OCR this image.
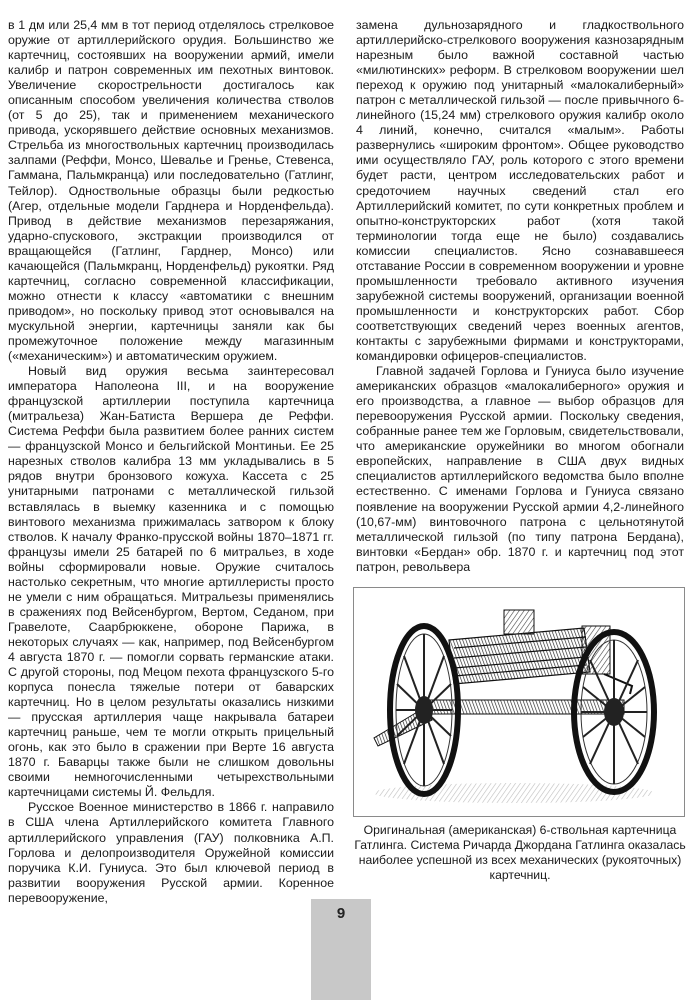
в 1 дм или 25,4 мм в тот период отделялось стрелковое оружие от артиллерийского орудия. Большинство же картечниц, состоявших на вооружении армий, имели калибр и патрон современных им пехотных винтовок. Увеличение скорострельности достигалось как описанным способом увеличения количества стволов (от 5 до 25), так и применением механического привода, ускорявшего действие основных механизмов. Стрельба из многоствольных картечниц производилась залпами (Реффи, Монсо, Шевалье и Гренье, Стевенса, Гаммана, Пальмкранца) или последовательно (Гатлинг, Тейлор). Одноствольные образцы были редкостью (Агер, отдельные модели Гарднера и Норденфельда). Привод в действие механизмов перезаряжания, ударно-спускового, экстракции производился от вращающейся (Гатлинг, Гарднер, Монсо) или качающейся (Пальмкранц, Норденфельд) рукоятки. Ряд картечниц, согласно современной классификации, можно отнести к классу «автоматики с внешним приводом», но поскольку привод этот основывался на мускульной энергии, картечницы заняли как бы промежуточное положение между магазинным («механическим») и автоматическим оружием.

Новый вид оружия весьма заинтересовал императора Наполеона III, и на вооружение французской артиллерии поступила картечница (митральеза) Жан-Батиста Вершера де Реффи. Система Реффи была развитием более ранних систем — французской Монсо и бельгийской Монтиньи. Ее 25 нарезных стволов калибра 13 мм укладывались в 5 рядов внутри бронзового кожуха. Кассета с 25 унитарными патронами с металлической гильзой вставлялась в выемку казенника и с помощью винтового механизма прижималась затвором к блоку стволов. К началу Франко-прусской войны 1870–1871 гг. французы имели 25 батарей по 6 митральез, в ходе войны сформировали новые. Оружие считалось настолько секретным, что многие артиллеристы просто не умели с ним обращаться. Митральезы применялись в сражениях под Вейсенбургом, Вертом, Седаном, при Гравелоте, Саарбрюккене, обороне Парижа, в некоторых случаях — как, например, под Вейсенбургом 4 августа 1870 г. — помогли сорвать германские атаки. С другой стороны, под Мецом пехота французского 5-го корпуса понесла тяжелые потери от баварских картечниц. Но в целом результаты оказались низкими — прусская артиллерия чаще накрывала батареи картечниц раньше, чем те могли открыть прицельный огонь, как это было в сражении при Верте 16 августа 1870 г. Баварцы также были не слишком довольны своими немногочисленными четырехствольными картечницами системы Й. Фельдля.

Русское Военное министерство в 1866 г. направило в США члена Артиллерийского комитета Главного артиллерийского управления (ГАУ) полковника А.П. Горлова и делопроизводителя Оружейной комиссии поручика К.И. Гуниуса. Это был ключевой период в развитии вооружения Русской армии. Коренное перевооружение,

замена дульнозарядного и гладкоствольного артиллерийско-стрелкового вооружения казнозарядным нарезным было важной составной частью «милютинских» реформ. В стрелковом вооружении шел переход к оружию под унитарный «малокалиберный» патрон с металлической гильзой — после привычного 6-линейного (15,24 мм) стрелкового оружия калибр около 4 линий, конечно, считался «малым». Работы развернулись «широким фронтом». Общее руководство ими осуществляло ГАУ, роль которого с этого времени будет расти, центром исследовательских работ и средоточием научных сведений стал его Артиллерийский комитет, по сути конкретных проблем и опытно-конструкторских работ (хотя такой терминологии тогда еще не было) создавались комиссии специалистов. Ясно сознававшееся отставание России в современном вооружении и уровне промышленности требовало активного изучения зарубежной системы вооружений, организации военной промышленности и конструкторских работ. Сбор соответствующих сведений через военных агентов, контакты с зарубежными фирмами и конструкторами, командировки офицеров-специалистов.

Главной задачей Горлова и Гуниуса было изучение американских образцов «малокалиберного» оружия и его производства, а главное — выбор образцов для перевооружения Русской армии. Поскольку сведения, собранные ранее тем же Горловым, свидетельствовали, что американские оружейники во многом обогнали европейских, направление в США двух видных специалистов артиллерийского ведомства было вполне естественно. С именами Горлова и Гуниуса связано появление на вооружении Русской армии 4,2-линейного (10,67-мм) винтовочного патрона с цельнотянутой металлической гильзой (по типу патрона Бердана), винтовки «Бердан» обр. 1870 г. и картечниц под этот патрон, револьвера

Оригинальная (американская) 6-ствольная картечница Гатлинга. Система Ричарда Джордана Гатлинга оказалась наиболее успешной из всех механических (рукояточных) картечниц.
9
